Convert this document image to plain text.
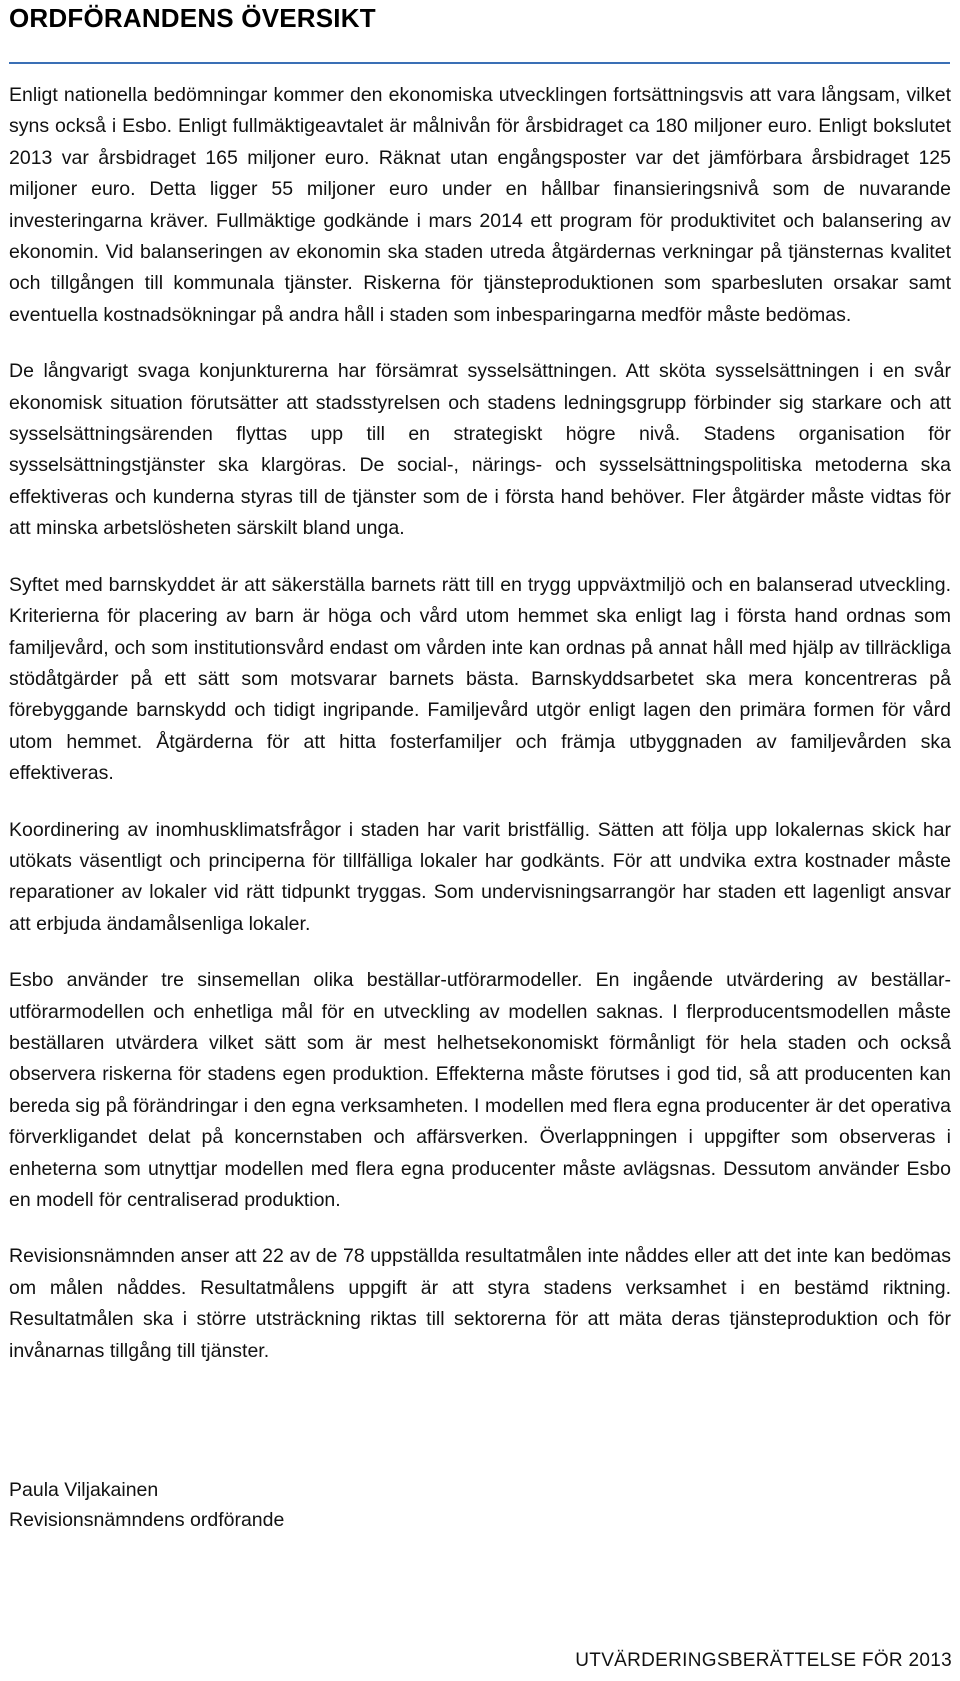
ORDFÖRANDENS ÖVERSIKT

Enligt nationella bedömningar kommer den ekonomiska utvecklingen fortsättningsvis att vara långsam, vilket syns också i Esbo. Enligt fullmäktigeavtalet är målnivån för årsbidraget ca 180 miljoner euro. Enligt bokslutet 2013 var årsbidraget 165 miljoner euro. Räknat utan engångsposter var det jämförbara årsbidraget 125 miljoner euro. Detta ligger 55 miljoner euro under en hållbar finansieringsnivå som de nuvarande investeringarna kräver. Fullmäktige godkände i mars 2014 ett program för produktivitet och balansering av ekonomin. Vid balanseringen av ekonomin ska staden utreda åtgärdernas verkningar på tjänsternas kvalitet och tillgången till kommunala tjänster. Riskerna för tjänsteproduktionen som sparbesluten orsakar samt eventuella kostnadsökningar på andra håll i staden som inbesparingarna medför måste bedömas.

De långvarigt svaga konjunkturerna har försämrat sysselsättningen. Att sköta sysselsättningen i en svår ekonomisk situation förutsätter att stadsstyrelsen och stadens ledningsgrupp förbinder sig starkare och att sysselsättningsärenden flyttas upp till en strategiskt högre nivå. Stadens organisation för sysselsättningstjänster ska klargöras. De social-, närings- och sysselsättningspolitiska metoderna ska effektiveras och kunderna styras till de tjänster som de i första hand behöver. Fler åtgärder måste vidtas för att minska arbetslösheten särskilt bland unga.

Syftet med barnskyddet är att säkerställa barnets rätt till en trygg uppväxtmiljö och en balanserad utveckling. Kriterierna för placering av barn är höga och vård utom hemmet ska enligt lag i första hand ordnas som familjevård, och som institutionsvård endast om vården inte kan ordnas på annat håll med hjälp av tillräckliga stödåtgärder på ett sätt som motsvarar barnets bästa. Barnskyddsarbetet ska mera koncentreras på förebyggande barnskydd och tidigt ingripande. Familjevård utgör enligt lagen den primära formen för vård utom hemmet. Åtgärderna för att hitta fosterfamiljer och främja utbyggnaden av familjevården ska effektiveras.

Koordinering av inomhusklimatsfrågor i staden har varit bristfällig. Sätten att följa upp lokalernas skick har utökats väsentligt och principerna för tillfälliga lokaler har godkänts. För att undvika extra kostnader måste reparationer av lokaler vid rätt tidpunkt tryggas. Som undervisningsarrangör har staden ett lagenligt ansvar att erbjuda ändamålsenliga lokaler.

Esbo använder tre sinsemellan olika beställar-utförarmodeller. En ingående utvärdering av beställar-utförarmodellen och enhetliga mål för en utveckling av modellen saknas. I flerproducentsmodellen måste beställaren utvärdera vilket sätt som är mest helhetsekonomiskt förmånligt för hela staden och också observera riskerna för stadens egen produktion. Effekterna måste förutses i god tid, så att producenten kan bereda sig på förändringar i den egna verksamheten. I modellen med flera egna producenter är det operativa förverkligandet delat på koncernstaben och affärsverken. Överlappningen i uppgifter som observeras i enheterna som utnyttjar modellen med flera egna producenter måste avlägsnas. Dessutom använder Esbo en modell för centraliserad produktion.

Revisionsnämnden anser att 22 av de 78 uppställda resultatmålen inte nåddes eller att det inte kan bedömas om målen nåddes. Resultatmålens uppgift är att styra stadens verksamhet i en bestämd riktning. Resultatmålen ska i större utsträckning riktas till sektorerna för att mäta deras tjänsteproduktion och för invånarnas tillgång till tjänster.

Paula Viljakainen
Revisionsnämndens ordförande
UTVÄRDERINGSBERÄTTELSE FÖR 2013
